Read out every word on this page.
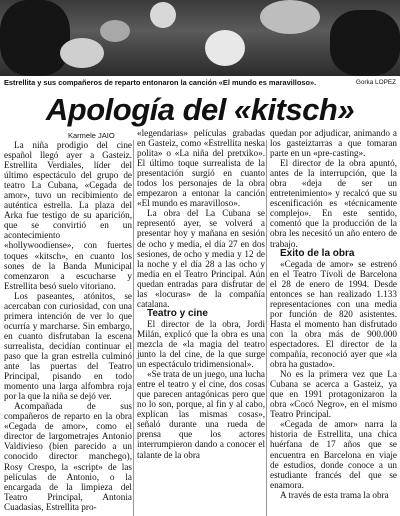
Estrellita y sus compañeros de reparto entonaron la canción «El mundo es maravilloso».	Gorka LOPEZ
Apología del «kitsch»
Karmele JAIO

La niña prodigio del cine español llegó ayer a Gasteiz. Estrellita Verdiales, líder del último espectáculo del grupo de teatro La Cubana, «Cegada de amor», tuvo un recibimiento de auténtica estrella. La plaza del Arka fue testigo de su aparición, que se convirtió en un acontecimiento «hollywoodiense», con fuertes toques «kitsch», en cuanto los sones de la Banda Municipal comenzaron a escucharse y Estrellita besó suelo vitoriano.

Los paseantes, atónitos, se acercaban con curiosidad, con una primera intención de ver lo que ocurría y marcharse. Sin embargo, en cuanto disfrutaban la escena surrealista, decidían continuar el paso que la gran estrella culminó ante las puertas del Teatro Principal, pisando en todo momento una larga alfombra roja por la que la niña se dejó ver.

Acompañada de sus compañeros de reparto en la obra «Cegada de amor», como el director de largometrajes Antonio Valdivieso (bien parecido a un conocido director manchego), Rosy Crespo, la «script» de las películas de Antonio, o la encargada de la limpieza del Teatro Principal, Antonia Cuadasias, Estrellita pro-

«legendarias» películas grabadas en Gasteiz, como «Estrellita neska polita» o «La niña del pretxiko». El último toque surrealista de la presentación surgió en cuanto todos los personajes de la obra empezaron a entonar la canción «El mundo es maravilloso».

La obra del La Cubana se representó ayer, se volverá a presentar hoy y mañana en sesión de ocho y media, el día 27 en dos sesiones, de ocho y media y 12 de la noche y el día 28 a las ocho y media en el Teatro Principal. Aún quedan entradas para disfrutar de las «locuras» de la compañía catalana.

Teatro y cine

El director de la obra, Jordi Milán, explicó que la obra es una mezcla de «la magia del teatro junto la del cine, de la que surge un espectáculo tridimensional».

«Se trata de un juego, una lucha entre el teatro y el cine, dos cosas que parecen antagónicas pero que no lo son, porque, al fin y al cabo, explican las mismas cosas», señaló durante una rueda de prensa que los actores interrumpieron dando a conocer el talante de la obra

quedan por adjudicar, animando a los gasteiztarras a que tomaran parte en un «pre-casting».

El director de la obra apuntó, antes de la interrupción, que la obra «deja de ser un entretenimiento» y recalcó que su escenificación es «técnicamente complejo». En este sentido, comentó que la producción de la obra les necesitó un año entero de trabajo.

Exito de la obra

«Cegada de amor» se estrenó en el Teatro Tívoli de Barcelona el 28 de enero de 1994. Desde entonces se han realizado 1.133 representaciones con una media por función de 820 asistentes. Hasta el momento han disfrutado con la obra más de 900.000 espectadores. El director de la compañía, reconoció ayer que «la obra ha gustado».

No es la primera vez que La Cubana se acerca a Gasteiz, ya que en 1991 protagonizaron la obra «Cocó Negro», en el mismo Teatro Principal.

«Cegada de amor» narra la historia de Estrellita, una chica huérfana de 17 años que se encuentra en Barcelona en viaje de estudios, donde conoce a un estudiante francés del que se enamora.

A través de esta trama la obra
